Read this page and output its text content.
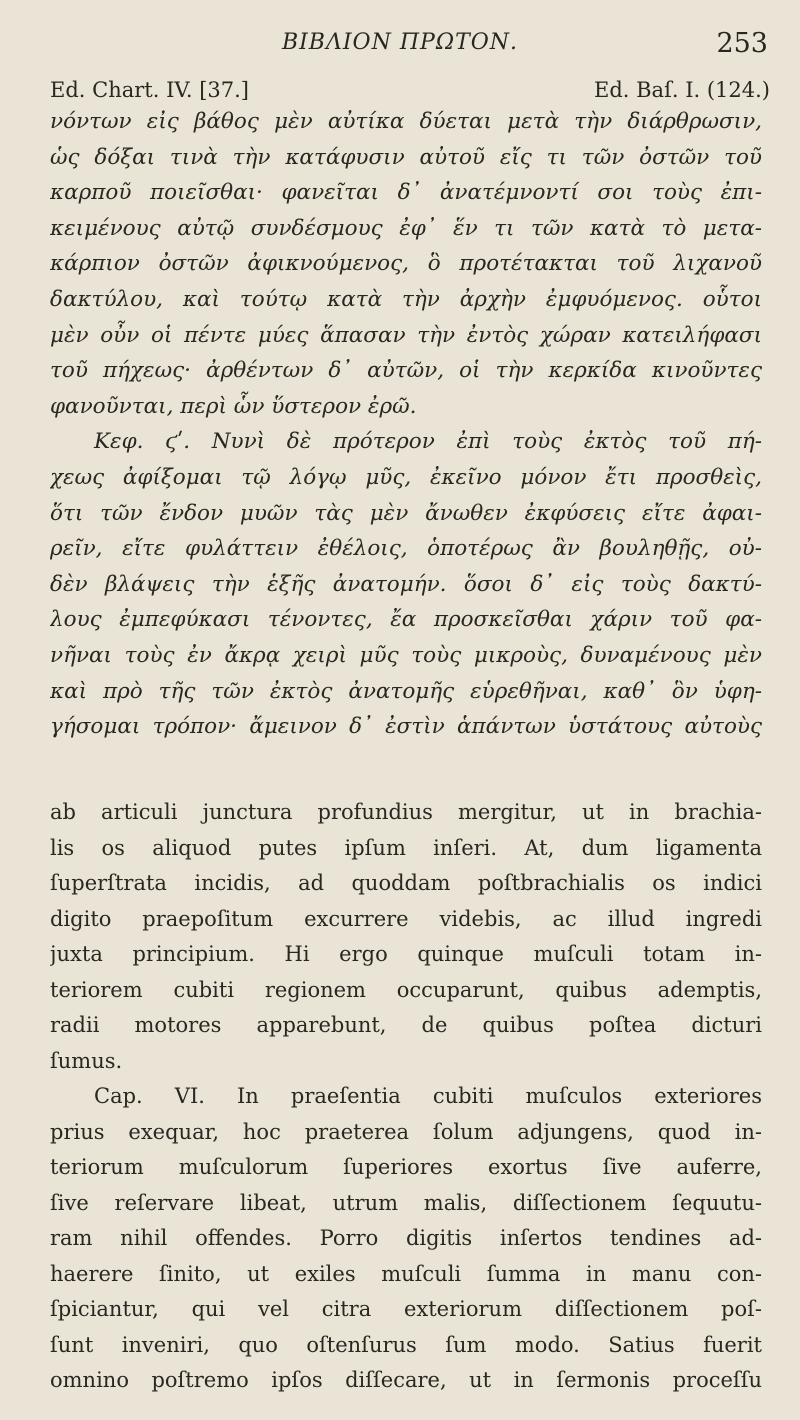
ΒΙΒΛΙΟΝ ΠΡΩΤΟΝ.	253
Ed. Chart. IV. [37.]	Ed. Baſ. I. (124.)
νόντων εἰς βάθος μὲν αὐτίκα δύεται μετὰ τὴν διάρθρωσιν,
ὡς δόξαι τινὰ τὴν κατάφυσιν αὐτοῦ εἴς τι τῶν ὀστῶν τοῦ
καρποῦ ποιεῖσθαι· φανεῖται δ᾿ ἀνατέμνοντί σοι τοὺς ἐπι-
κειμένους αὐτῷ συνδέσμους ἐφ᾿ ἕν τι τῶν κατὰ τὸ μετα-
κάρπιον ὀστῶν ἀφικνούμενος, ὃ προτέτακται τοῦ λιχανοῦ
δακτύλου, καὶ τούτῳ κατὰ τὴν ἀρχὴν ἐμφυόμενος. οὗτοι
μὲν οὖν οἱ πέντε μύες ἅπασαν τὴν ἐντὸς χώραν κατειλήφασι
τοῦ πήχεως· ἀρθέντων δ᾿ αὐτῶν, οἱ τὴν κερκίδα κινοῦντες
φανοῦνται, περὶ ὧν ὕστερον ἐρῶ.
Κεφ. ϛʹ. Νυνὶ δὲ πρότερον ἐπὶ τοὺς ἐκτὸς τοῦ πή-
χεως ἀφίξομαι τῷ λόγῳ μῦς, ἐκεῖνο μόνον ἔτι προσθεὶς,
ὅτι τῶν ἔνδον μυῶν τὰς μὲν ἄνωθεν ἐκφύσεις εἴτε ἀφαι-
ρεῖν, εἴτε φυλάττειν ἐθέλοις, ὁποτέρως ἂν βουληθῇς, οὐ-
δὲν βλάψεις τὴν ἑξῆς ἀνατομήν. ὅσοι δ᾿ εἰς τοὺς δακτύ-
λους ἐμπεφύκασι τένοντες, ἔα προσκεῖσθαι χάριν τοῦ φα-
νῆναι τοὺς ἐν ἄκρᾳ χειρὶ μῦς τοὺς μικροὺς, δυναμένους μὲν
καὶ πρὸ τῆς τῶν ἐκτὸς ἀνατομῆς εὑρεθῆναι, καθ᾿ ὃν ὑφη-
γήσομαι τρόπον· ἄμεινον δ᾿ ἐστὶν ἁπάντων ὑστάτους αὐτοὺς
ab articuli junctura profundius mergitur, ut in brachia-
lis os aliquod putes ipſum inſeri. At, dum ligamenta
ſuperſtrata incidis, ad quoddam poſtbrachialis os indici
digito praepoſitum excurrere videbis, ac illud ingredi
juxta principium. Hi ergo quinque muſculi totam in-
teriorem cubiti regionem occuparunt, quibus ademptis,
radii motores apparebunt, de quibus poſtea dicturi
ſumus.
Cap. VI. In praeſentia cubiti muſculos exteriores
prius exequar, hoc praeterea ſolum adjungens, quod in-
teriorum muſculorum ſuperiores exortus ſive auferre,
ſive reſervare libeat, utrum malis, diſſectionem ſequutu-
ram nihil offendes. Porro digitis inſertos tendines ad-
haerere ſinito, ut exiles muſculi ſumma in manu con-
ſpiciantur, qui vel citra exteriorum diſſectionem poſ-
ſunt inveniri, quo oſtenſurus ſum modo. Satius fuerit
omnino poſtremo ipſos diſſecare, ut in ſermonis proceſſu
